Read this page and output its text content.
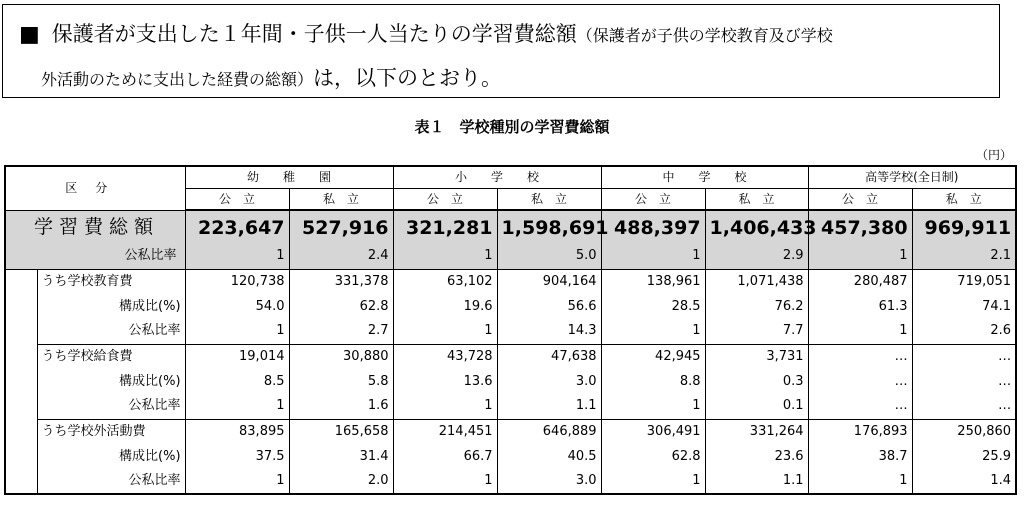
■ 保護者が支出した１年間・子供一人当たりの学習費総額（保護者が子供の学校教育及び学校
外活動のために支出した経費の総額）は，以下のとおり。
表１　学校種別の学習費総額
（円）
区分		幼　　稚　　園		小　　学　　校		中　　学　　校		高等学校(全日制)	
		公　立	私　立	公　立	私　立	公　立	私　立	公　立	私　立
学習費総額		223,647	527,916	321,281	1,598,691	488,397	1,406,433	457,380	969,911
公私比率		1	2.4	1	5.0	1	2.9	1	2.1
	うち学校教育費	120,738	331,378	63,102	904,164	138,961	1,071,438	280,487	719,051
	構成比(%)	54.0	62.8	19.6	56.6	28.5	76.2	61.3	74.1
	公私比率	1	2.7	1	14.3	1	7.7	1	2.6
	うち学校給食費	19,014	30,880	43,728	47,638	42,945	3,731	…	…
	構成比(%)	8.5	5.8	13.6	3.0	8.8	0.3	…	…
	公私比率	1	1.6	1	1.1	1	0.1	…	…
	うち学校外活動費	83,895	165,658	214,451	646,889	306,491	331,264	176,893	250,860
	構成比(%)	37.5	31.4	66.7	40.5	62.8	23.6	38.7	25.9
	公私比率	1	2.0	1	3.0	1	1.1	1	1.4
